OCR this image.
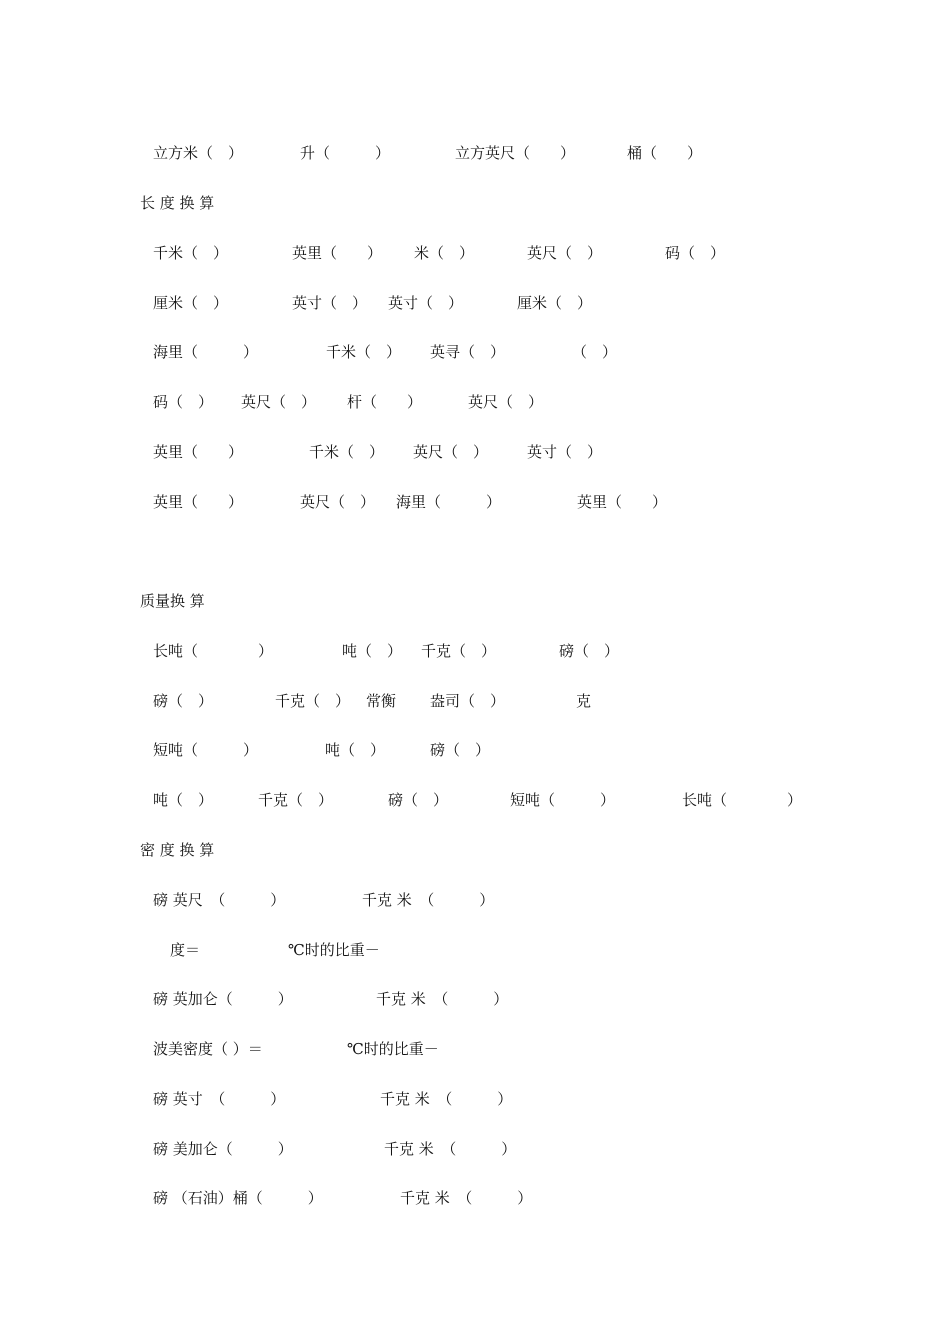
立方米（　）	升（　　　）	立方英尺（　　）	桶（　　）
长 度 换 算
千米（　）	英里（　　） 米（　）	英尺（　）	码（　）
厘米（　）	英寸（　） 英寸（　）	厘米（　）
海里（　　　）	千米（　） 英寻（　）	（　）
码（　） 英尺（　） 杆（　　）	英尺（　）
英里（　　）	千米（　） 英尺（　）	英寸（　）
英里（　　）	英尺（　） 海里（　　　）	英里（　　）
质量换 算
长吨（　　　　）	吨（　） 千克（　）	磅（　）
磅（　）	千克（　） 常衡 盎司（　）	克
短吨（　　　）	吨（　）	磅（　）
吨（　）	千克（　）	磅（　）	短吨（　　　）	长吨（　　　　）
密 度 换 算
磅 英尺　（　　　）	千克 米　（　　　）
度＝	℃时的比重－
磅 英加仑（　　　）	千克 米　（　　　）
波美密度（ ）＝	℃时的比重－
磅 英寸　（　　　）	千克 米　（　　　）
磅 美加仑（　　　）	千克 米　（　　　）
磅 （石油）桶（　　　）	千克 米　（　　　）
